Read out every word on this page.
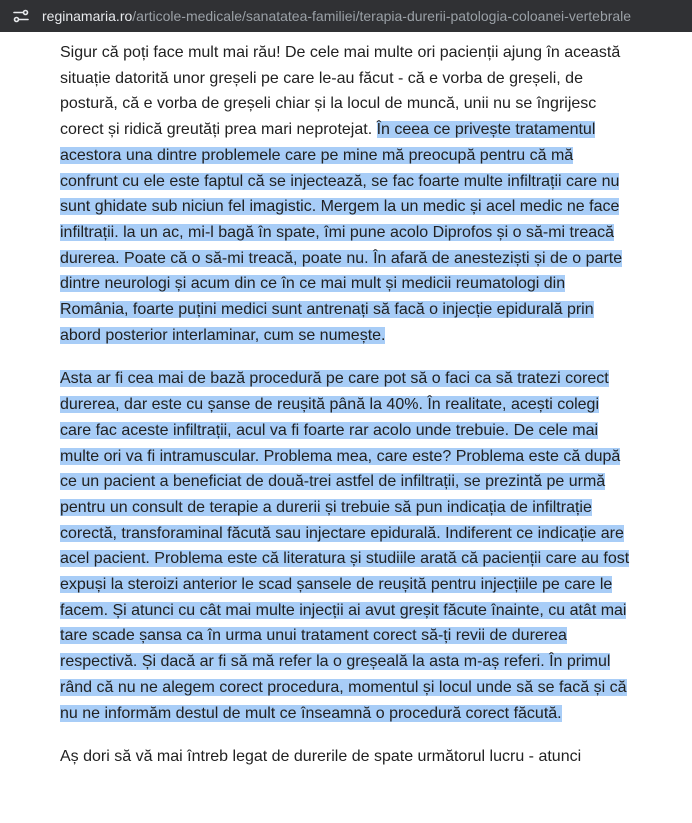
reginamaria.ro/articole-medicale/sanatatea-familiei/terapia-durerii-patologia-coloanei-vertebrale

Sigur că poți face mult mai rău! De cele mai multe ori pacienții ajung în această situație datorită unor greșeli pe care le-au făcut - că e vorba de greșeli, de postură, că e vorba de greșeli chiar și la locul de muncă, unii nu se îngrijesc corect și ridică greutăți prea mari neprotejat. În ceea ce privește tratamentul acestora una dintre problemele care pe mine mă preocupă pentru că mă confrunt cu ele este faptul că se injectează, se fac foarte multe infiltrații care nu sunt ghidate sub niciun fel imagistic. Mergem la un medic și acel medic ne face infiltrații. la un ac, mi-l bagă în spate, îmi pune acolo Diprofos și o să-mi treacă durerea. Poate că o să-mi treacă, poate nu. În afară de anesteziști și de o parte dintre neurologi și acum din ce în ce mai mult și medicii reumatologi din România, foarte puțini medici sunt antrenați să facă o injecție epidurală prin abord posterior interlaminar, cum se numește.

Asta ar fi cea mai de bază procedură pe care pot să o faci ca să tratezi corect durerea, dar este cu șanse de reușită până la 40%. În realitate, acești colegi care fac aceste infiltrații, acul va fi foarte rar acolo unde trebuie. De cele mai multe ori va fi intramuscular. Problema mea, care este? Problema este că după ce un pacient a beneficiat de două-trei astfel de infiltrații, se prezintă pe urmă pentru un consult de terapie a durerii și trebuie să pun indicația de infiltrație corectă, transforaminal făcută sau injectare epidurală. Indiferent ce indicație are acel pacient. Problema este că literatura și studiile arată că pacienții care au fost expuși la steroizi anterior le scad șansele de reușită pentru injecțiile pe care le facem. Și atunci cu cât mai multe injecții ai avut greșit făcute înainte, cu atât mai tare scade șansa ca în urma unui tratament corect să-ți revii de durerea respectivă. Și dacă ar fi să mă refer la o greșeală la asta m-aș referi. În primul rând că nu ne alegem corect procedura, momentul și locul unde să se facă și că nu ne informăm destul de mult ce înseamnă o procedură corect făcută.

Aș dori să vă mai întreb legat de durerile de spate următorul lucru - atunci
